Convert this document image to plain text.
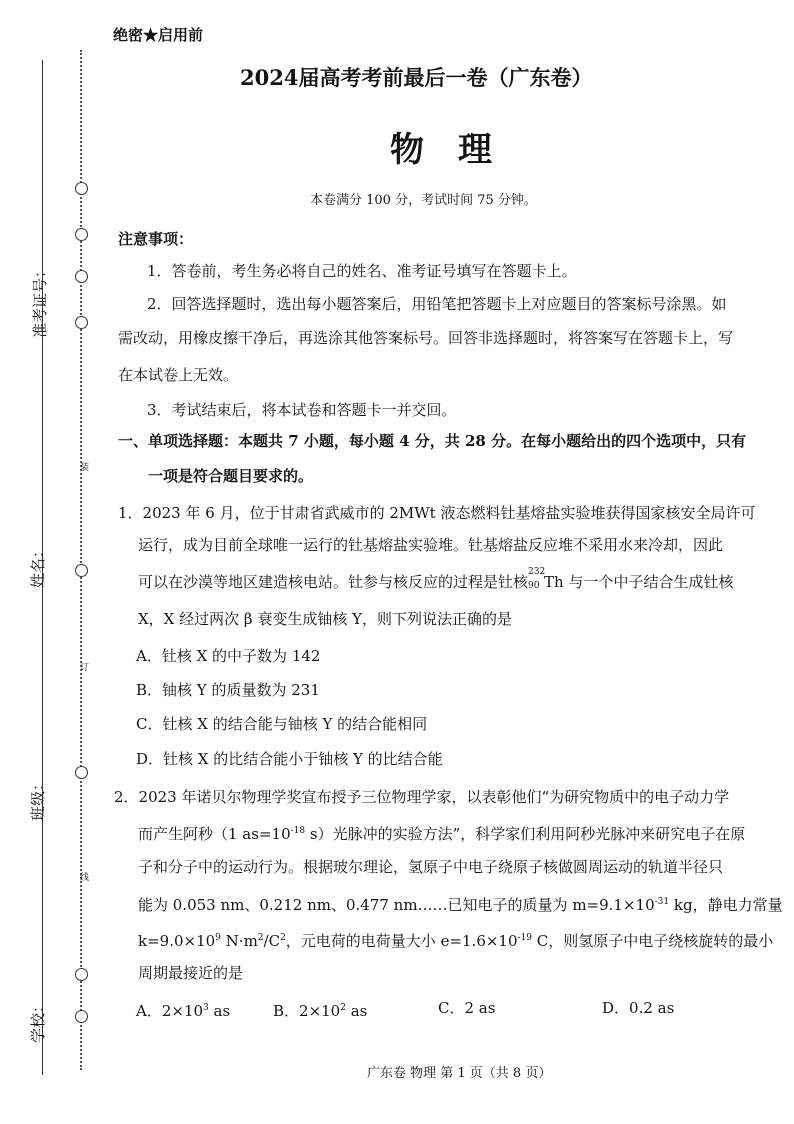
准考证号：
姓名：
班级：
学校：
装
订
线
绝密★启用前
2024届高考考前最后一卷（广东卷）
物　理
本卷满分 100 分，考试时间 75 分钟。
注意事项：
1．答卷前，考生务必将自己的姓名、准考证号填写在答题卡上。
2．回答选择题时，选出每小题答案后，用铅笔把答题卡上对应题目的答案标号涂黑。如
需改动，用橡皮擦干净后，再选涂其他答案标号。回答非选择题时，将答案写在答题卡上，写
在本试卷上无效。
3．考试结束后，将本试卷和答题卡一并交回。
一、单项选择题：本题共 7 小题，每小题 4 分，共 28 分。在每小题给出的四个选项中，只有
一项是符合题目要求的。
1．2023 年 6 月，位于甘肃省武威市的 2MWt 液态燃料钍基熔盐实验堆获得国家核安全局许可
运行，成为目前全球唯一运行的钍基熔盐实验堆。钍基熔盐反应堆不采用水来冷却，因此
可以在沙漠等地区建造核电站。钍参与核反应的过程是钍核
232
90 Th 与一个中子结合生成钍核
X，X 经过两次 β 衰变生成铀核 Y，则下列说法正确的是
A．钍核 X 的中子数为 142
B．铀核 Y 的质量数为 231
C．钍核 X 的结合能与铀核 Y 的结合能相同
D．钍核 X 的比结合能小于铀核 Y 的比结合能
2．2023 年诺贝尔物理学奖宣布授予三位物理学家，以表彰他们“为研究物质中的电子动力学
而产生阿秒（1 $as=10^{-18}$ s）光脉冲的实验方法”，科学家们利用阿秒光脉冲来研究电子在原
子和分子中的运动行为。根据玻尔理论，氢原子中电子绕原子核做圆周运动的轨道半径只
能为 0.053 nm、0.212 nm、0.477 nm……已知电子的质量为 $m=9.1\times 10^{-31}$ kg，静电力常量
$k=9.0\times 10^9$ $N\cdot m^2/C^2$，元电荷的电荷量大小 $e=1.6\times 10^{-19}$ C，则氢原子中电子绕核旋转的最小
周期最接近的是
A．$2\times 10^3$ as	B．$2\times 10^2$ as	C．2 as	D．0.2 as
广东卷 物理 第 1 页（共 8 页）
